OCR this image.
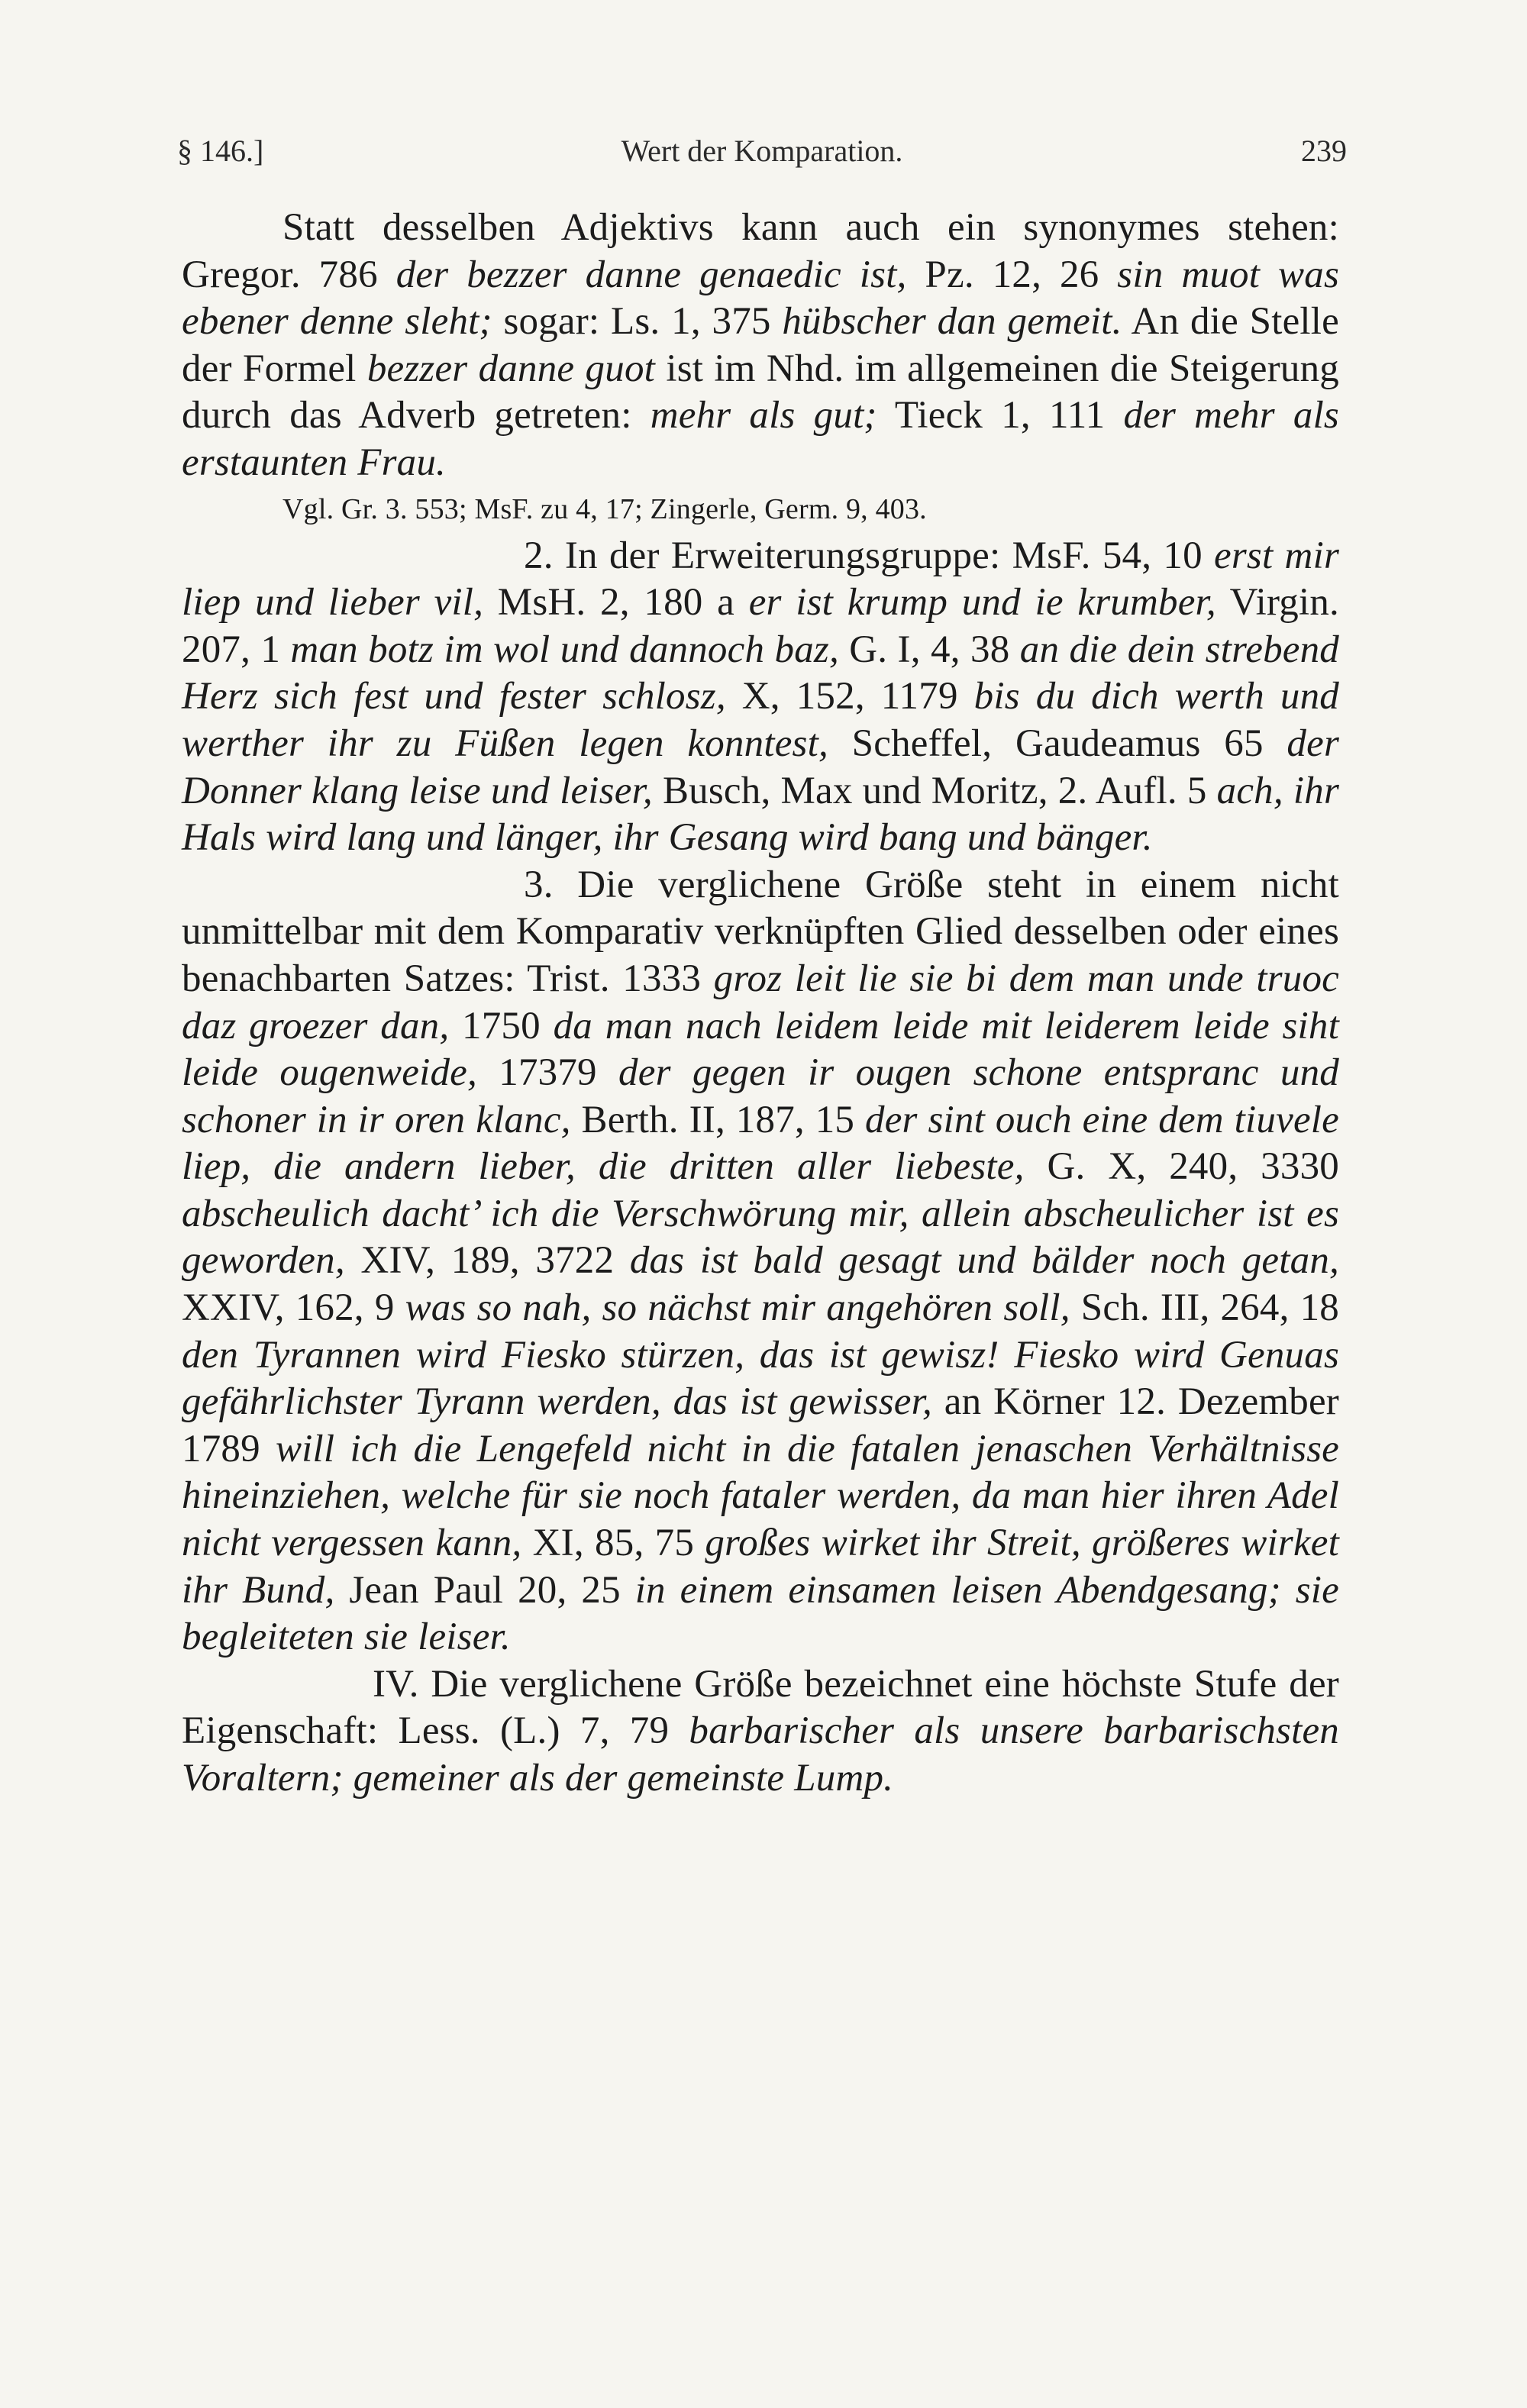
§ 146.]	Wert der Komparation.	239

Statt desselben Adjektivs kann auch ein synonymes stehen: Gregor. 786 der bezzer danne genaedic ist, Pz. 12, 26 sin muot was ebener denne sleht; sogar: Ls. 1, 375 hübscher dan gemeit. An die Stelle der Formel bezzer danne guot ist im Nhd. im allgemeinen die Steigerung durch das Adverb getreten: mehr als gut; Tieck 1, 111 der mehr als erstaunten Frau.

Vgl. Gr. 3. 553; MsF. zu 4, 17; Zingerle, Germ. 9, 403.

2. In der Erweiterungsgruppe: MsF. 54, 10 erst mir liep und lieber vil, MsH. 2, 180 a er ist krump und ie krumber, Virgin. 207, 1 man botz im wol und dannoch baz, G. I, 4, 38 an die dein strebend Herz sich fest und fester schlosz, X, 152, 1179 bis du dich werth und werther ihr zu Füßen legen konntest, Scheffel, Gaudeamus 65 der Donner klang leise und leiser, Busch, Max und Moritz, 2. Aufl. 5 ach, ihr Hals wird lang und länger, ihr Gesang wird bang und bänger.

3. Die verglichene Größe steht in einem nicht unmittelbar mit dem Komparativ verknüpften Glied desselben oder eines benachbarten Satzes: Trist. 1333 groz leit lie sie bi dem man unde truoc daz groezer dan, 1750 da man nach leidem leide mit leiderem leide siht leide ougenweide, 17379 der gegen ir ougen schone entspranc und schoner in ir oren klanc, Berth. II, 187, 15 der sint ouch eine dem tiuvele liep, die andern lieber, die dritten aller liebeste, G. X, 240, 3330 abscheulich dacht’ ich die Verschwörung mir, allein abscheulicher ist es geworden, XIV, 189, 3722 das ist bald gesagt und bälder noch getan, XXIV, 162, 9 was so nah, so nächst mir angehören soll, Sch. III, 264, 18 den Tyrannen wird Fiesko stürzen, das ist gewisz! Fiesko wird Genuas gefährlichster Tyrann werden, das ist gewisser, an Körner 12. Dezember 1789 will ich die Lengefeld nicht in die fatalen jenaschen Verhältnisse hineinziehen, welche für sie noch fataler werden, da man hier ihren Adel nicht vergessen kann, XI, 85, 75 großes wirket ihr Streit, größeres wirket ihr Bund, Jean Paul 20, 25 in einem einsamen leisen Abendgesang; sie begleiteten sie leiser.

IV. Die verglichene Größe bezeichnet eine höchste Stufe der Eigenschaft: Less. (L.) 7, 79 barbarischer als unsere barbarischsten Voraltern; gemeiner als der gemeinste Lump.
